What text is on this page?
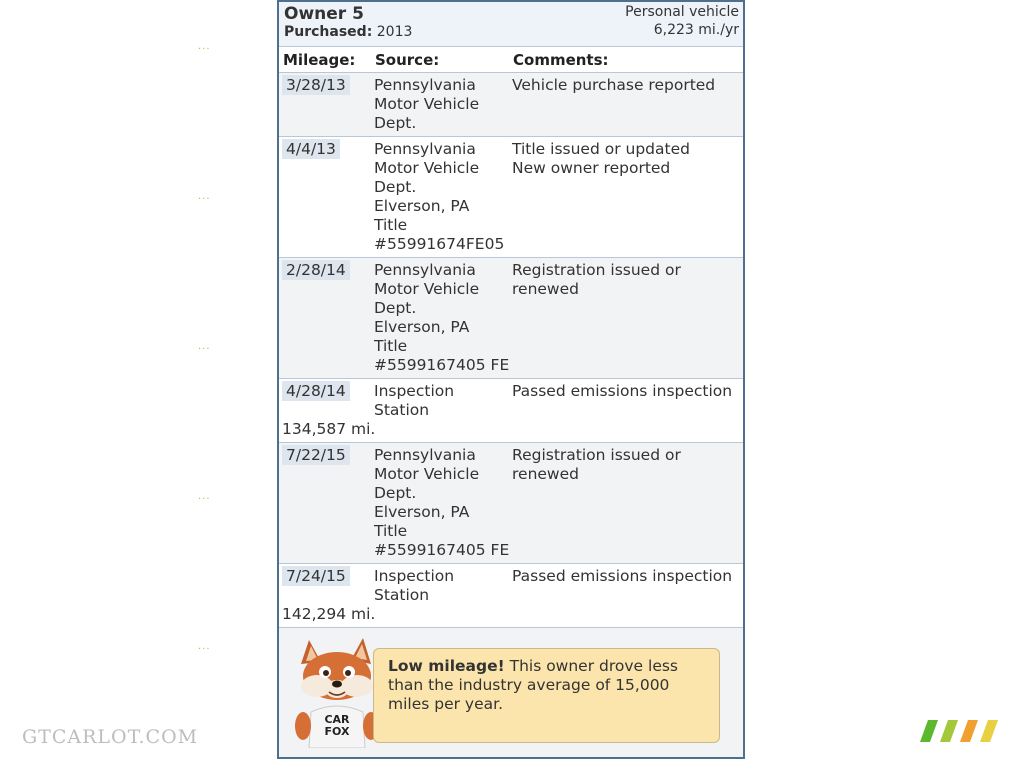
···
···
···
···
···
Owner 5
Purchased: 2013
Personal vehicle
6,223 mi./yr
Mileage: Source:	Comments:
3/28/13 Pennsylvania
Motor Vehicle
Dept.
Vehicle purchase reported
4/4/13 Pennsylvania
Motor Vehicle
Dept.
Elverson, PA
Title
#55991674FE05
Title issued or updated
New owner reported
2/28/14 Pennsylvania
Motor Vehicle
Dept.
Elverson, PA
Title
#5599167405 FE
Registration issued or renewed
4/28/14 Inspection Station
Passed emissions inspection
134,587 mi.
7/22/15 Pennsylvania
Motor Vehicle
Dept.
Elverson, PA
Title
#5599167405 FE
Registration issued or renewed
7/24/15 Inspection Station
Passed emissions inspection
142,294 mi.
CAR
FOX
Low mileage! This owner drove less than the industry average of 15,000 miles per year.
GTCARLOT.COM
